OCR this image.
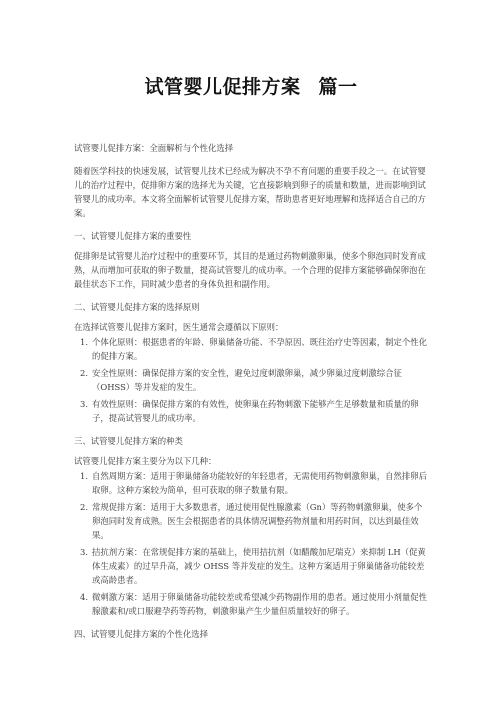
试管婴儿促排方案 篇一

试管婴儿促排方案：全面解析与个性化选择

随着医学科技的快速发展，试管婴儿技术已经成为解决不孕不育问题的重要手段之一。在试管婴儿的治疗过程中，促排卵方案的选择尤为关键，它直接影响到卵子的质量和数量，进而影响到试管婴儿的成功率。本文将全面解析试管婴儿促排方案，帮助患者更好地理解和选择适合自己的方案。

一、试管婴儿促排方案的重要性

促排卵是试管婴儿治疗过程中的重要环节，其目的是通过药物刺激卵巢，使多个卵泡同时发育成熟，从而增加可获取的卵子数量，提高试管婴儿的成功率。一个合理的促排方案能够确保卵泡在最佳状态下工作，同时减少患者的身体负担和副作用。

二、试管婴儿促排方案的选择原则

在选择试管婴儿促排方案时，医生通常会遵循以下原则：

1. 个体化原则：根据患者的年龄、卵巢储备功能、不孕原因、既往治疗史等因素，制定个性化的促排方案。
2. 安全性原则：确保促排方案的安全性，避免过度刺激卵巢，减少卵巢过度刺激综合征（OHSS）等并发症的发生。
3. 有效性原则：确保促排方案的有效性，使卵巢在药物刺激下能够产生足够数量和质量的卵子，提高试管婴儿的成功率。

三、试管婴儿促排方案的种类

试管婴儿促排方案主要分为以下几种：

1. 自然周期方案：适用于卵巢储备功能较好的年轻患者，无需使用药物刺激卵巢，自然排卵后取卵。这种方案较为简单，但可获取的卵子数量有限。
2. 常规促排方案：适用于大多数患者，通过使用促性腺激素（Gn）等药物刺激卵巢，使多个卵泡同时发育成熟。医生会根据患者的具体情况调整药物剂量和用药时间，以达到最佳效果。
3. 拮抗剂方案：在常规促排方案的基础上，使用拮抗剂（如醋酸加尼瑞克）来抑制 LH（促黄体生成素）的过早升高，减少 OHSS 等并发症的发生。这种方案适用于卵巢储备功能较差或高龄患者。
4. 微刺激方案：适用于卵巢储备功能较差或希望减少药物副作用的患者。通过使用小剂量促性腺激素和/或口服避孕药等药物，刺激卵巢产生少量但质量较好的卵子。

四、试管婴儿促排方案的个性化选择
